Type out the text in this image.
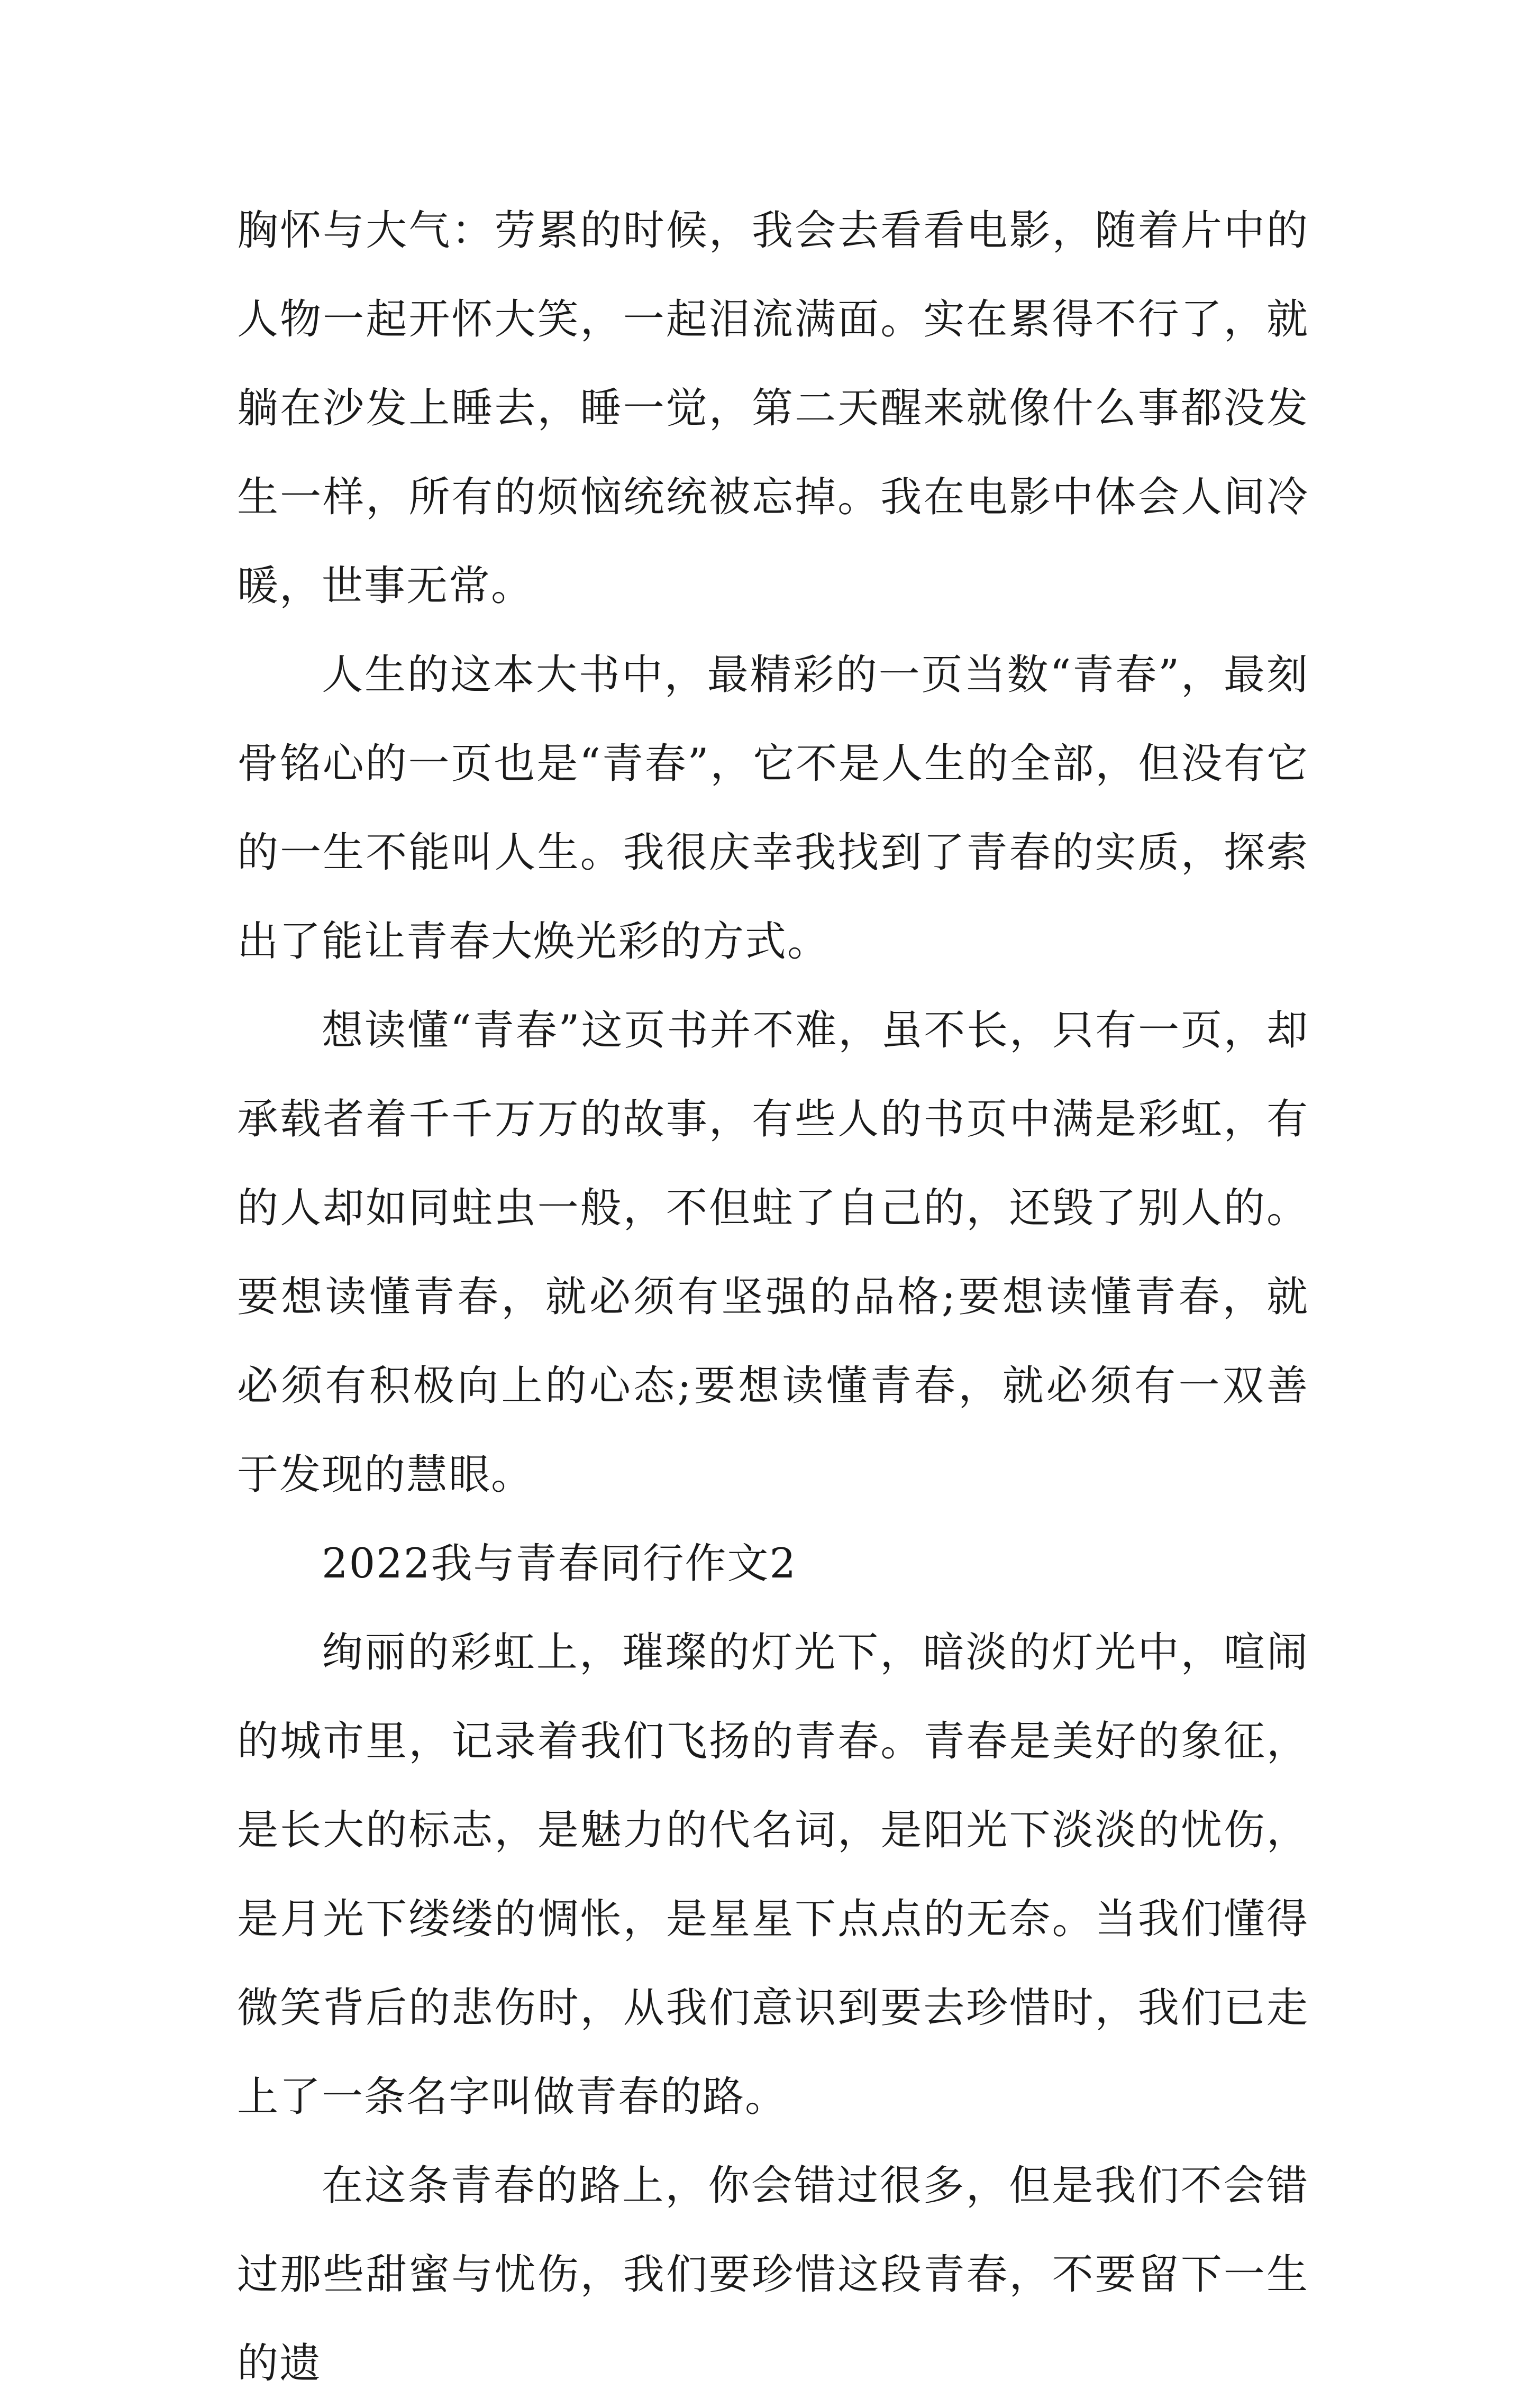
胸怀与大气：劳累的时候，我会去看看电影，随着片中的人物一起开怀大笑，一起泪流满面。实在累得不行了，就躺在沙发上睡去，睡一觉，第二天醒来就像什么事都没发生一样，所有的烦恼统统被忘掉。我在电影中体会人间冷暖，世事无常。

人生的这本大书中，最精彩的一页当数“青春”，最刻骨铭心的一页也是“青春”，它不是人生的全部，但没有它的一生不能叫人生。我很庆幸我找到了青春的实质，探索出了能让青春大焕光彩的方式。

想读懂“青春”这页书并不难，虽不长，只有一页，却承载者着千千万万的故事，有些人的书页中满是彩虹，有的人却如同蛀虫一般，不但蛀了自己的，还毁了别人的。要想读懂青春，就必须有坚强的品格;要想读懂青春，就必须有积极向上的心态;要想读懂青春，就必须有一双善于发现的慧眼。

2022我与青春同行作文2

绚丽的彩虹上，璀璨的灯光下，暗淡的灯光中，喧闹的城市里，记录着我们飞扬的青春。青春是美好的象征，是长大的标志，是魅力的代名词，是阳光下淡淡的忧伤，是月光下缕缕的惆怅，是星星下点点的无奈。当我们懂得微笑背后的悲伤时，从我们意识到要去珍惜时，我们已走上了一条名字叫做青春的路。

在这条青春的路上，你会错过很多，但是我们不会错过那些甜蜜与忧伤，我们要珍惜这段青春，不要留下一生的遗
